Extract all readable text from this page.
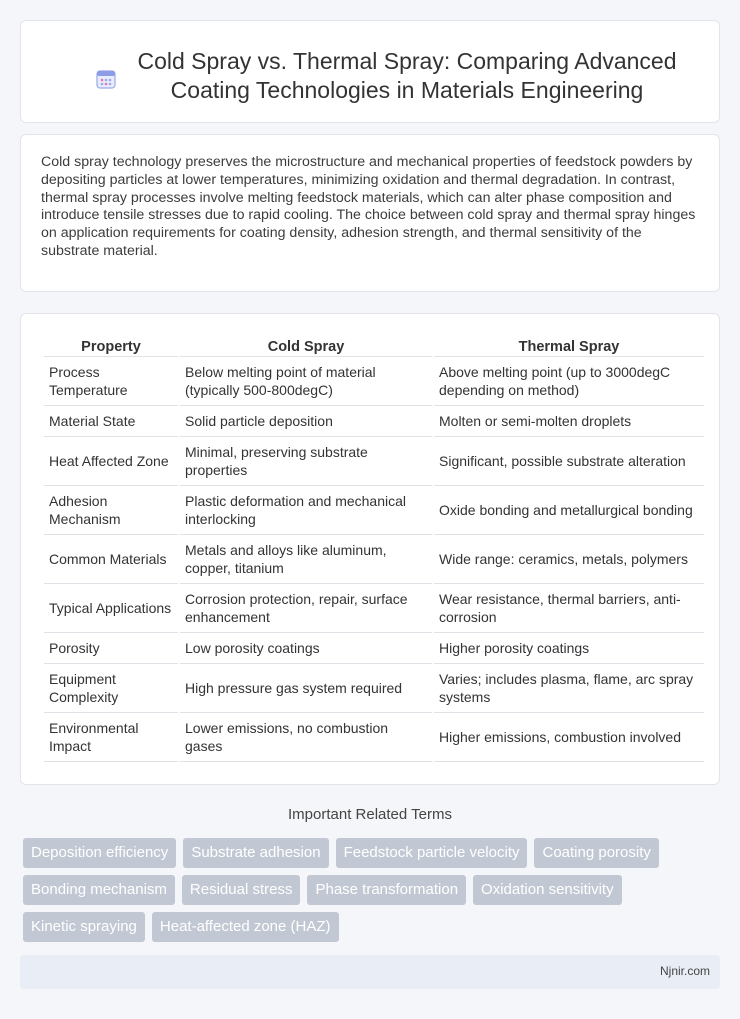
Cold Spray vs. Thermal Spray: Comparing Advanced Coating Technologies in Materials Engineering

Cold spray technology preserves the microstructure and mechanical properties of feedstock powders by depositing particles at lower temperatures, minimizing oxidation and thermal degradation. In contrast, thermal spray processes involve melting feedstock materials, which can alter phase composition and introduce tensile stresses due to rapid cooling. The choice between cold spray and thermal spray hinges on application requirements for coating density, adhesion strength, and thermal sensitivity of the substrate material.

Property	Cold Spray	Thermal Spray
Process Temperature	Below melting point of material (typically 500-800degC)	Above melting point (up to 3000degC depending on method)
Material State	Solid particle deposition	Molten or semi-molten droplets
Heat Affected Zone	Minimal, preserving substrate properties	Significant, possible substrate alteration
Adhesion Mechanism	Plastic deformation and mechanical interlocking	Oxide bonding and metallurgical bonding
Common Materials	Metals and alloys like aluminum, copper, titanium	Wide range: ceramics, metals, polymers
Typical Applications	Corrosion protection, repair, surface enhancement	Wear resistance, thermal barriers, anti-corrosion
Porosity	Low porosity coatings	Higher porosity coatings
Equipment Complexity	High pressure gas system required	Varies; includes plasma, flame, arc spray systems
Environmental Impact	Lower emissions, no combustion gases	Higher emissions, combustion involved
Important Related Terms
Deposition efficiency	Substrate adhesion	Feedstock particle velocity	Coating porosity
Bonding mechanism	Residual stress	Phase transformation	Oxidation sensitivity
Kinetic spraying	Heat-affected zone (HAZ)
Njnir.com
